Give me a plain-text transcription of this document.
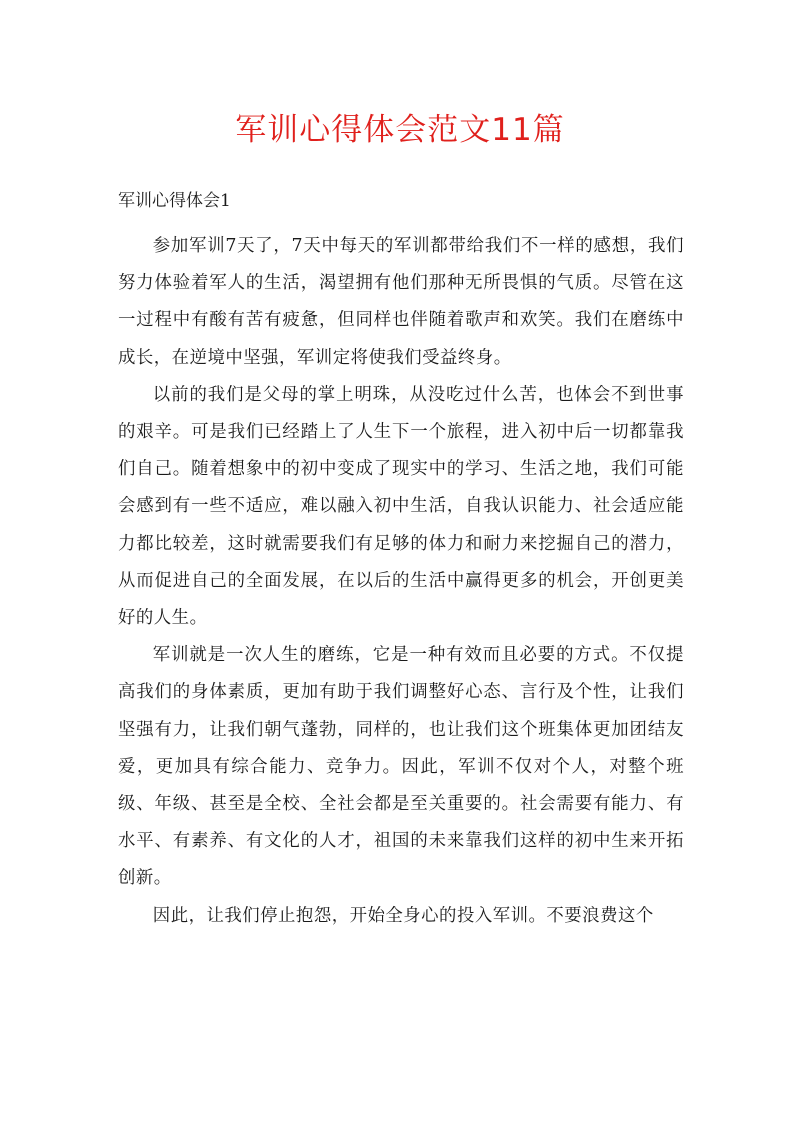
军训心得体会范文11篇
军训心得体会1

参加军训7天了，7天中每天的军训都带给我们不一样的感想，我们努力体验着军人的生活，渴望拥有他们那种无所畏惧的气质。尽管在这一过程中有酸有苦有疲惫，但同样也伴随着歌声和欢笑。我们在磨练中成长，在逆境中坚强，军训定将使我们受益终身。

以前的我们是父母的掌上明珠，从没吃过什么苦，也体会不到世事的艰辛。可是我们已经踏上了人生下一个旅程，进入初中后一切都靠我们自己。随着想象中的初中变成了现实中的学习、生活之地，我们可能会感到有一些不适应，难以融入初中生活，自我认识能力、社会适应能力都比较差，这时就需要我们有足够的体力和耐力来挖掘自己的潜力，从而促进自己的全面发展，在以后的生活中赢得更多的机会，开创更美好的人生。

军训就是一次人生的磨练，它是一种有效而且必要的方式。不仅提高我们的身体素质，更加有助于我们调整好心态、言行及个性，让我们坚强有力，让我们朝气蓬勃，同样的，也让我们这个班集体更加团结友爱，更加具有综合能力、竞争力。因此，军训不仅对个人，对整个班级、年级、甚至是全校、全社会都是至关重要的。社会需要有能力、有水平、有素养、有文化的人才，祖国的未来靠我们这样的初中生来开拓创新。

因此，让我们停止抱怨，开始全身心的投入军训。不要浪费这个
